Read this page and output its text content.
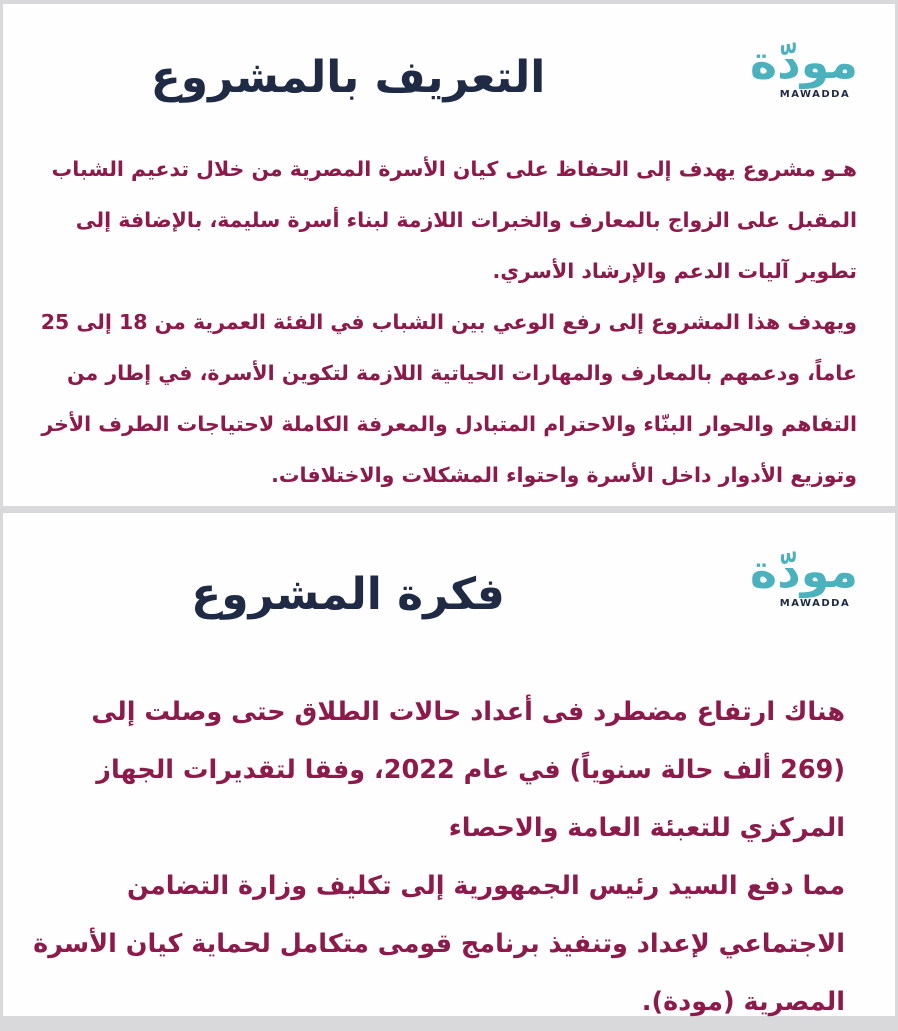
مودّة
MAWADDA
التعريف بالمشروع

هـو مشروع يهدف إلى الحفاظ على كيان الأسرة المصرية من خلال تدعيم الشباب المقبل على الزواج بالمعارف والخبرات اللازمة لبناء أسرة سليمة، بالإضافة إلى تطوير آليات الدعم والإرشاد الأسري.

ويهدف هذا المشروع إلى رفع الوعي بين الشباب في الفئة العمرية من 18 إلى 25 عاماً، ودعمهم بالمعارف والمهارات الحياتية اللازمة لتكوين الأسرة، في إطار من التفاهم والحوار البنّاء والاحترام المتبادل والمعرفة الكاملة لاحتياجات الطرف الأخر وتوزيع الأدوار داخل الأسرة واحتواء المشكلات والاختلافات.

مودّة
MAWADDA
فكرة المشروع

هناك ارتفاع مضطرد فى أعداد حالات الطلاق حتى وصلت إلى (269 ألف حالة سنوياً) في عام 2022، وفقا لتقديرات الجهاز المركزي للتعبئة العامة والاحصاء

مما دفع السيد رئيس الجمهورية إلى تكليف وزارة التضامن الاجتماعي لإعداد وتنفيذ برنامج قومى متكامل لحماية كيان الأسرة المصرية (مودة).
